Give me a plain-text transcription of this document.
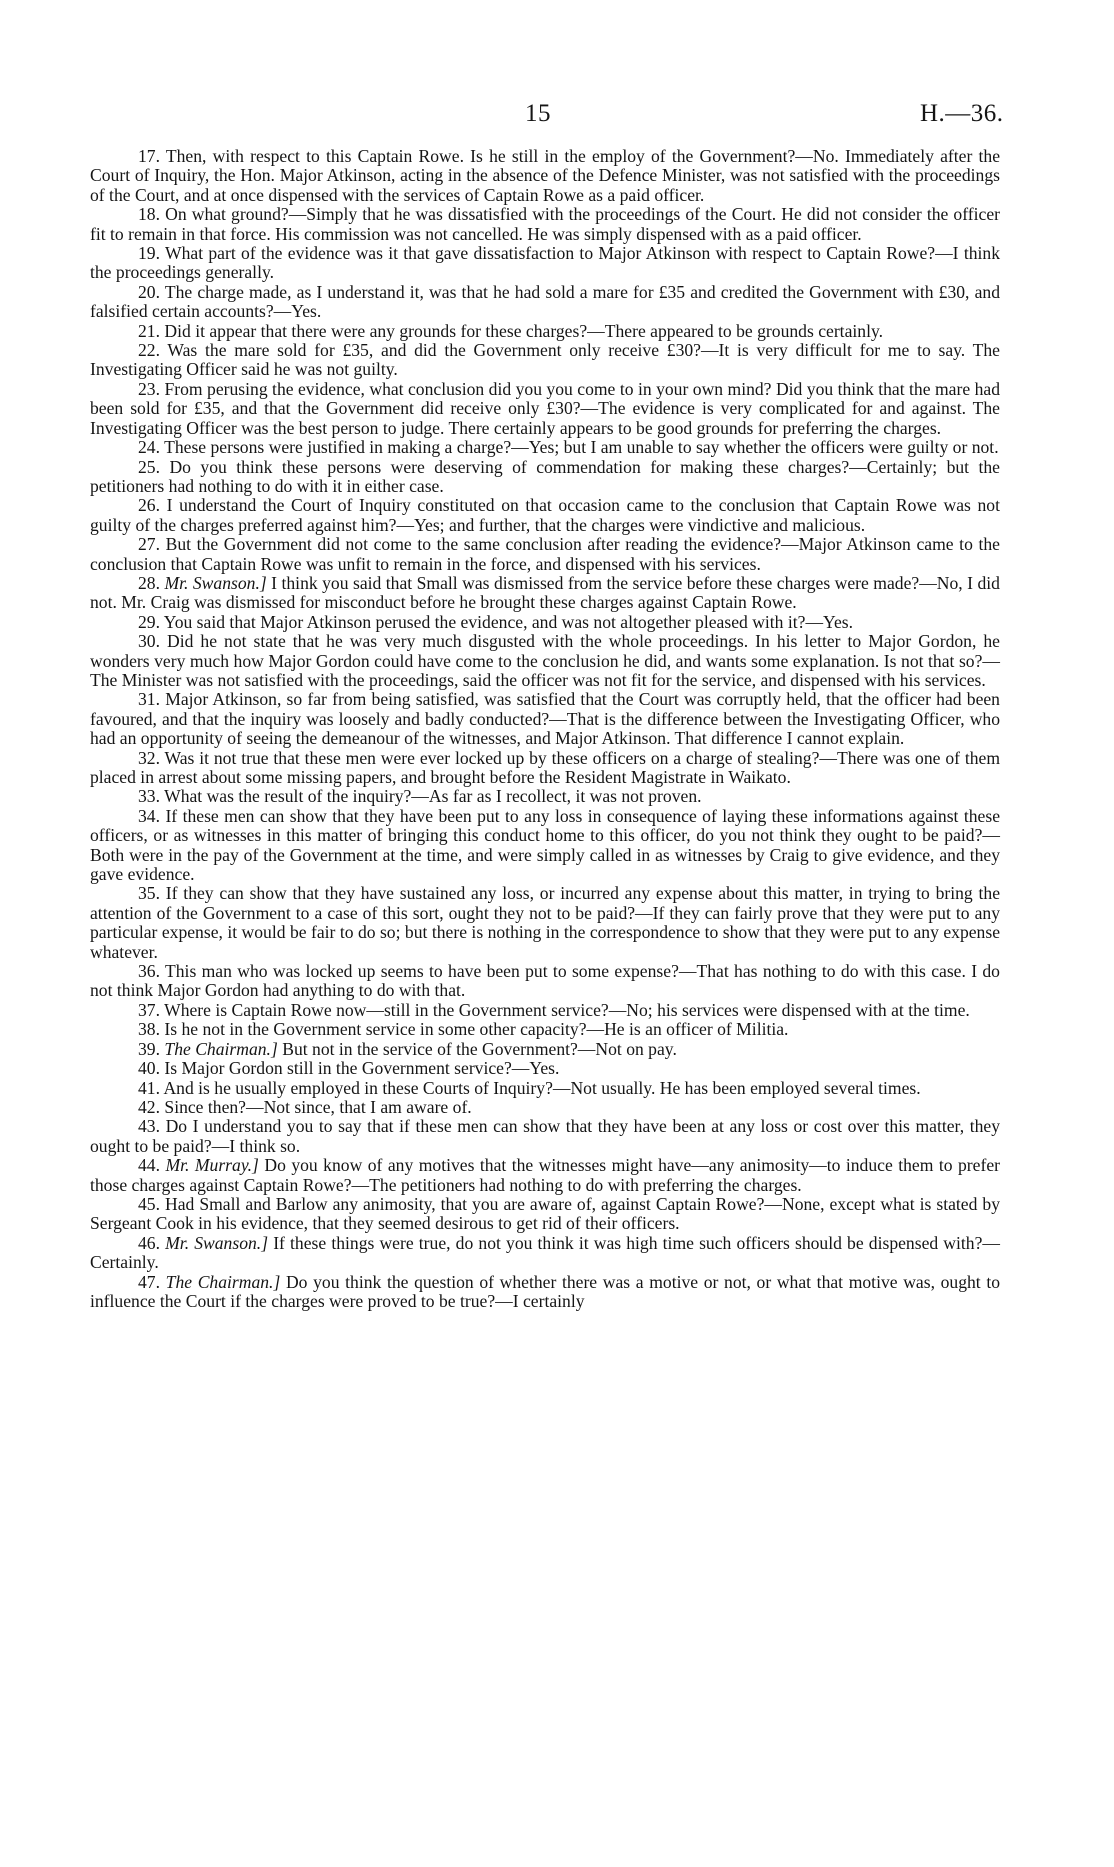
15	H.—36.

17. Then, with respect to this Captain Rowe. Is he still in the employ of the Government?—No. Immediately after the Court of Inquiry, the Hon. Major Atkinson, acting in the absence of the Defence Minister, was not satisfied with the proceedings of the Court, and at once dispensed with the services of Captain Rowe as a paid officer.

18. On what ground?—Simply that he was dissatisfied with the proceedings of the Court. He did not consider the officer fit to remain in that force. His commission was not cancelled. He was simply dispensed with as a paid officer.

19. What part of the evidence was it that gave dissatisfaction to Major Atkinson with respect to Captain Rowe?—I think the proceedings generally.

20. The charge made, as I understand it, was that he had sold a mare for £35 and credited the Government with £30, and falsified certain accounts?—Yes.

21. Did it appear that there were any grounds for these charges?—There appeared to be grounds certainly.

22. Was the mare sold for £35, and did the Government only receive £30?—It is very difficult for me to say. The Investigating Officer said he was not guilty.

23. From perusing the evidence, what conclusion did you you come to in your own mind? Did you think that the mare had been sold for £35, and that the Government did receive only £30?—The evidence is very complicated for and against. The Investigating Officer was the best person to judge. There certainly appears to be good grounds for preferring the charges.

24. These persons were justified in making a charge?—Yes; but I am unable to say whether the officers were guilty or not.

25. Do you think these persons were deserving of commendation for making these charges?—Certainly; but the petitioners had nothing to do with it in either case.

26. I understand the Court of Inquiry constituted on that occasion came to the conclusion that Captain Rowe was not guilty of the charges preferred against him?—Yes; and further, that the charges were vindictive and malicious.

27. But the Government did not come to the same conclusion after reading the evidence?—Major Atkinson came to the conclusion that Captain Rowe was unfit to remain in the force, and dispensed with his services.

28. Mr. Swanson.] I think you said that Small was dismissed from the service before these charges were made?—No, I did not. Mr. Craig was dismissed for misconduct before he brought these charges against Captain Rowe.

29. You said that Major Atkinson perused the evidence, and was not altogether pleased with it?—Yes.

30. Did he not state that he was very much disgusted with the whole proceedings. In his letter to Major Gordon, he wonders very much how Major Gordon could have come to the conclusion he did, and wants some explanation. Is not that so?—The Minister was not satisfied with the proceedings, said the officer was not fit for the service, and dispensed with his services.

31. Major Atkinson, so far from being satisfied, was satisfied that the Court was corruptly held, that the officer had been favoured, and that the inquiry was loosely and badly conducted?—That is the difference between the Investigating Officer, who had an opportunity of seeing the demeanour of the witnesses, and Major Atkinson. That difference I cannot explain.

32. Was it not true that these men were ever locked up by these officers on a charge of stealing?—There was one of them placed in arrest about some missing papers, and brought before the Resident Magistrate in Waikato.

33. What was the result of the inquiry?—As far as I recollect, it was not proven.

34. If these men can show that they have been put to any loss in consequence of laying these informations against these officers, or as witnesses in this matter of bringing this conduct home to this officer, do you not think they ought to be paid?—Both were in the pay of the Government at the time, and were simply called in as witnesses by Craig to give evidence, and they gave evidence.

35. If they can show that they have sustained any loss, or incurred any expense about this matter, in trying to bring the attention of the Government to a case of this sort, ought they not to be paid?—If they can fairly prove that they were put to any particular expense, it would be fair to do so; but there is nothing in the correspondence to show that they were put to any expense whatever.

36. This man who was locked up seems to have been put to some expense?—That has nothing to do with this case. I do not think Major Gordon had anything to do with that.

37. Where is Captain Rowe now—still in the Government service?—No; his services were dispensed with at the time.

38. Is he not in the Government service in some other capacity?—He is an officer of Militia.

39. The Chairman.] But not in the service of the Government?—Not on pay.

40. Is Major Gordon still in the Government service?—Yes.

41. And is he usually employed in these Courts of Inquiry?—Not usually. He has been employed several times.

42. Since then?—Not since, that I am aware of.

43. Do I understand you to say that if these men can show that they have been at any loss or cost over this matter, they ought to be paid?—I think so.

44. Mr. Murray.] Do you know of any motives that the witnesses might have—any animosity—to induce them to prefer those charges against Captain Rowe?—The petitioners had nothing to do with preferring the charges.

45. Had Small and Barlow any animosity, that you are aware of, against Captain Rowe?—None, except what is stated by Sergeant Cook in his evidence, that they seemed desirous to get rid of their officers.

46. Mr. Swanson.] If these things were true, do not you think it was high time such officers should be dispensed with?—Certainly.

47. The Chairman.] Do you think the question of whether there was a motive or not, or what that motive was, ought to influence the Court if the charges were proved to be true?—I certainly
